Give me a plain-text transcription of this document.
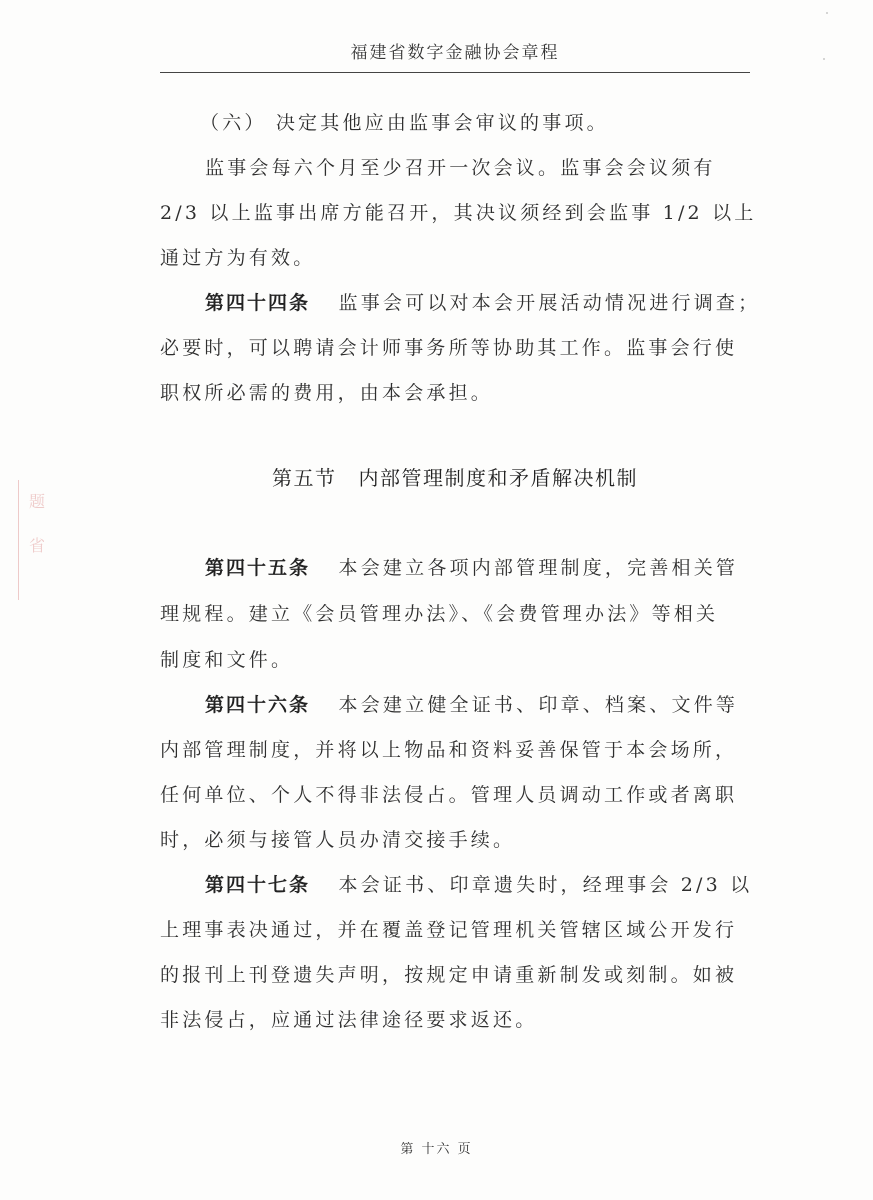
福建省数字金融协会章程
（六） 决定其他应由监事会审议的事项。
监事会每六个月至少召开一次会议。监事会会议须有
2/3 以上监事出席方能召开，其决议须经到会监事 1/2 以上
通过方为有效。
第四十四条 监事会可以对本会开展活动情况进行调查；
必要时，可以聘请会计师事务所等协助其工作。监事会行使
职权所必需的费用，由本会承担。
第五节 内部管理制度和矛盾解决机制
第四十五条 本会建立各项内部管理制度，完善相关管
理规程。建立《会员管理办法》、《会费管理办法》等相关
制度和文件。
第四十六条 本会建立健全证书、印章、档案、文件等
内部管理制度，并将以上物品和资料妥善保管于本会场所，
任何单位、个人不得非法侵占。管理人员调动工作或者离职
时，必须与接管人员办清交接手续。
第四十七条 本会证书、印章遗失时，经理事会 2/3 以
上理事表决通过，并在覆盖登记管理机关管辖区域公开发行
的报刊上刊登遗失声明，按规定申请重新制发或刻制。如被
非法侵占，应通过法律途径要求返还。
题
省
第 十六 页
